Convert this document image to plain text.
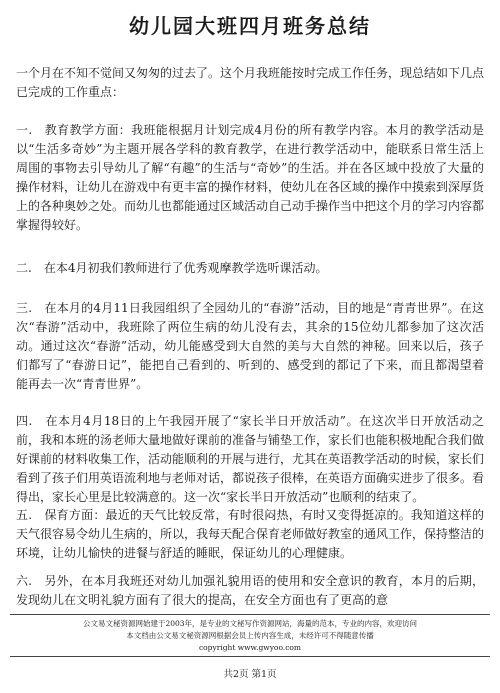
幼儿园大班四月班务总结

一个月在不知不觉间又匆匆的过去了。这个月我班能按时完成工作任务，现总结如下几点已完成的工作重点：

一.　教育教学方面：我班能根据月计划完成4月份的所有教学内容。本月的教学活动是以“生活多奇妙”为主题开展各学科的教育教学，在进行教学活动中，能联系日常生活上周围的事物去引导幼儿了解“有趣”的生活与“奇妙”的生活。并在各区域中投放了大量的操作材料，让幼儿在游戏中有更丰富的操作材料，使幼儿在各区域的操作中摸索到深厚货上的各种奥妙之处。而幼儿也都能通过区域活动自己动手操作当中把这个月的学习内容都掌握得较好。

二.　在本4月初我们教师进行了优秀观摩教学选听课活动。

三.　在本月的4月11日我园组织了全园幼儿的“春游”活动，目的地是“青青世界”。在这次“春游”活动中，我班除了两位生病的幼儿没有去，其余的15位幼儿都参加了这次活动。通过这次“春游”活动，幼儿能感受到大自然的美与大自然的神秘。回来以后，孩子们都写了“春游日记”，能把自己看到的、听到的、感受到的都记了下来，而且都渴望着能再去一次“青青世界”。

四.　在本月4月18日的上午我园开展了“家长半日开放活动”。在这次半日开放活动之前，我和本班的汤老师大量地做好课前的准备与铺垫工作，家长们也能积极地配合我们做好课前的材料收集工作，活动能顺利的开展与进行，尤其在英语教学活动的时候，家长们看到了孩子们用英语流利地与老师对话，都说孩子很棒，在英语方面确实进步了很多。看得出，家长心里是比较满意的。这一次“家长半日开放活动”也顺利的结束了。

五.　保育方面：最近的天气比较反常，有时很闷热，有时又变得挺凉的。我知道这样的天气很容易令幼儿生病的，所以，我每天配合保育老师做好教室的通风工作，保持整洁的环境，让幼儿愉快的进餐与舒适的睡眠，保证幼儿的心理健康。

六.　另外，在本月我班还对幼儿加强礼貌用语的使用和安全意识的教育，本月的后期，发现幼儿在文明礼貌方面有了很大的提高，在安全方面也有了更高的意

公文易文秘资源网始建于2003年，是专业的文秘写作资源网站，海量的范本，专业的内容，欢迎访问
本文档由公文易文秘资源网根据会员上传内容生成，未经许可不得随意传播
copyright www.gwyoo.com
共2页 第1页
